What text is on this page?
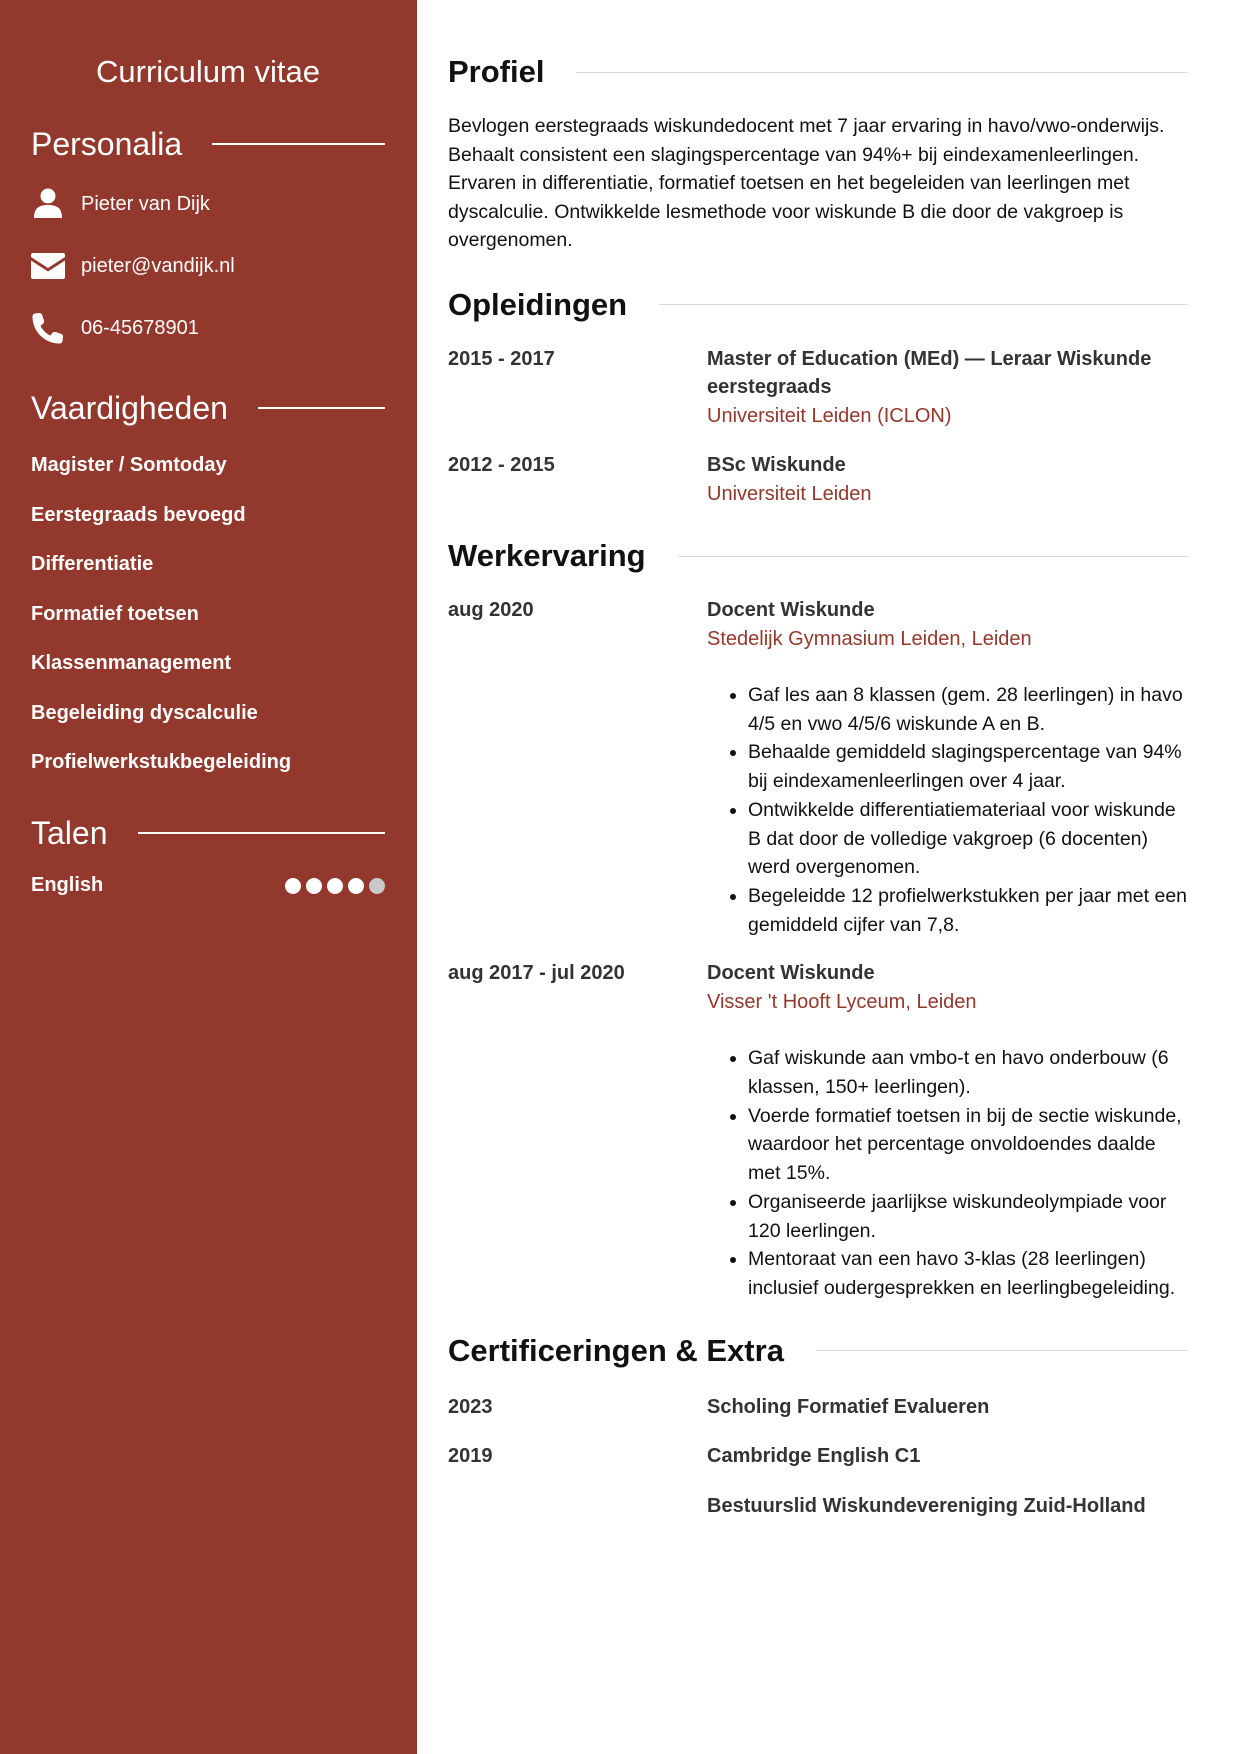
Curriculum vitae
Personalia
Pieter van Dijk
pieter@vandijk.nl
06-45678901
Vaardigheden
Magister / Somtoday
Eerstegraads bevoegd
Differentiatie
Formatief toetsen
Klassenmanagement
Begeleiding dyscalculie
Profielwerkstukbegeleiding
Talen
English
Profiel
Bevlogen eerstegraads wiskundedocent met 7 jaar ervaring in havo/vwo-onderwijs. Behaalt consistent een slagingspercentage van 94%+ bij eindexamenleerlingen. Ervaren in differentiatie, formatief toetsen en het begeleiden van leerlingen met dyscalculie. Ontwikkelde lesmethode voor wiskunde B die door de vakgroep is overgenomen.
Opleidingen
2015 - 2017	Master of Education (MEd) — Leraar Wiskunde eerstegraads
Universiteit Leiden (ICLON)
2012 - 2015	BSc Wiskunde
Universiteit Leiden
Werkervaring
aug 2020	Docent Wiskunde
Stedelijk Gymnasium Leiden, Leiden
• Gaf les aan 8 klassen (gem. 28 leerlingen) in havo 4/5 en vwo 4/5/6 wiskunde A en B.
• Behaalde gemiddeld slagingspercentage van 94% bij eindexamenleerlingen over 4 jaar.
• Ontwikkelde differentiatiemateriaal voor wiskunde B dat door de volledige vakgroep (6 docenten) werd overgenomen.
• Begeleidde 12 profielwerkstukken per jaar met een gemiddeld cijfer van 7,8.
aug 2017 - jul 2020	Docent Wiskunde
Visser 't Hooft Lyceum, Leiden
• Gaf wiskunde aan vmbo-t en havo onderbouw (6 klassen, 150+ leerlingen).
• Voerde formatief toetsen in bij de sectie wiskunde, waardoor het percentage onvoldoendes daalde met 15%.
• Organiseerde jaarlijkse wiskundeolympiade voor 120 leerlingen.
• Mentoraat van een havo 3-klas (28 leerlingen) inclusief oudergesprekken en leerlingbegeleiding.
Certificeringen & Extra
2023	Scholing Formatief Evalueren
2019	Cambridge English C1
Bestuurslid Wiskundevereniging Zuid-Holland
